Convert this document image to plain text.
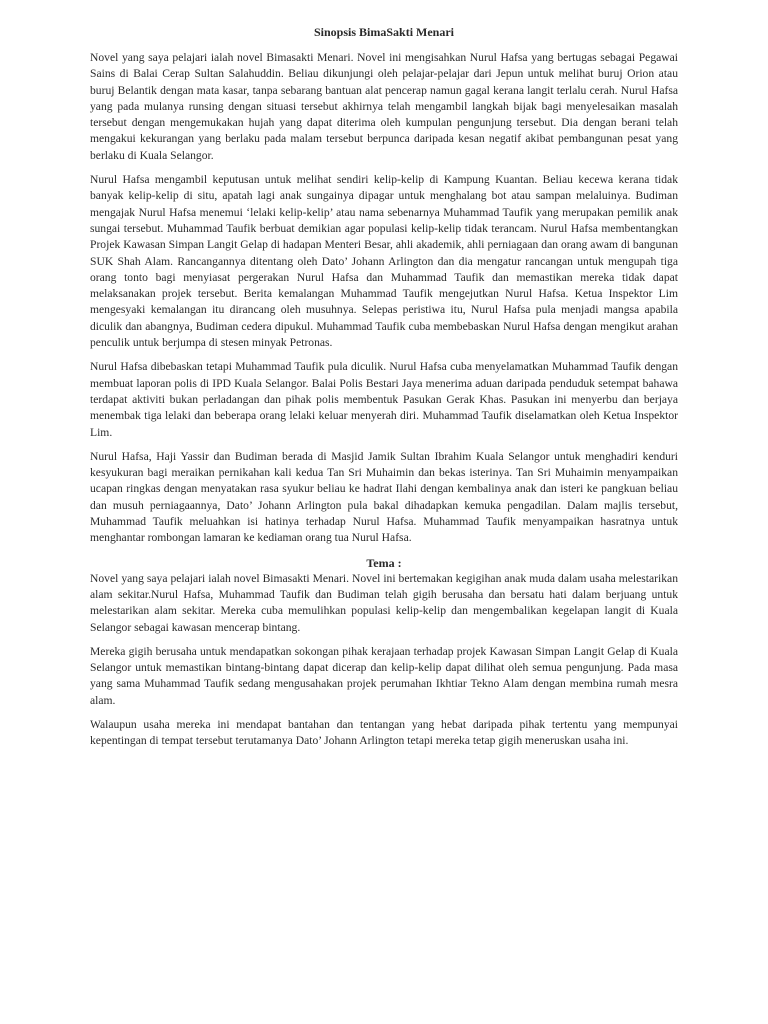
Sinopsis BimaSakti Menari

Novel yang saya pelajari ialah novel Bimasakti Menari. Novel ini mengisahkan Nurul Hafsa yang bertugas sebagai Pegawai Sains di Balai Cerap Sultan Salahuddin. Beliau dikunjungi oleh pelajar-pelajar dari Jepun untuk melihat buruj Orion atau buruj Belantik dengan mata kasar, tanpa sebarang bantuan alat pencerap namun gagal kerana langit terlalu cerah. Nurul Hafsa yang pada mulanya runsing dengan situasi tersebut akhirnya telah mengambil langkah bijak bagi menyelesaikan masalah tersebut dengan mengemukakan hujah yang dapat diterima oleh kumpulan pengunjung tersebut. Dia dengan berani telah mengakui kekurangan yang berlaku pada malam tersebut berpunca daripada kesan negatif akibat pembangunan pesat yang berlaku di Kuala Selangor.

Nurul Hafsa mengambil keputusan untuk melihat sendiri kelip-kelip di Kampung Kuantan. Beliau kecewa kerana tidak banyak kelip-kelip di situ, apatah lagi anak sungainya dipagar untuk menghalang bot atau sampan melaluinya. Budiman mengajak Nurul Hafsa menemui ‘lelaki kelip-kelip’ atau nama sebenarnya Muhammad Taufik yang merupakan pemilik anak sungai tersebut. Muhammad Taufik berbuat demikian agar populasi kelip-kelip tidak terancam. Nurul Hafsa membentangkan Projek Kawasan Simpan Langit Gelap di hadapan Menteri Besar, ahli akademik, ahli perniagaan dan orang awam di bangunan SUK Shah Alam. Rancangannya ditentang oleh Dato’ Johann Arlington dan dia mengatur rancangan untuk mengupah tiga orang tonto bagi menyiasat pergerakan Nurul Hafsa dan Muhammad Taufik dan memastikan mereka tidak dapat melaksanakan projek tersebut. Berita kemalangan Muhammad Taufik mengejutkan Nurul Hafsa. Ketua Inspektor Lim mengesyaki kemalangan itu dirancang oleh musuhnya. Selepas peristiwa itu, Nurul Hafsa pula menjadi mangsa apabila diculik dan abangnya, Budiman cedera dipukul. Muhammad Taufik cuba membebaskan Nurul Hafsa dengan mengikut arahan penculik untuk berjumpa di stesen minyak Petronas.

Nurul Hafsa dibebaskan tetapi Muhammad Taufik pula diculik. Nurul Hafsa cuba menyelamatkan Muhammad Taufik dengan membuat laporan polis di IPD Kuala Selangor. Balai Polis Bestari Jaya menerima aduan daripada penduduk setempat bahawa terdapat aktiviti bukan perladangan dan pihak polis membentuk Pasukan Gerak Khas. Pasukan ini menyerbu dan berjaya menembak tiga lelaki dan beberapa orang lelaki keluar menyerah diri. Muhammad Taufik diselamatkan oleh Ketua Inspektor Lim.

Nurul Hafsa, Haji Yassir dan Budiman berada di Masjid Jamik Sultan Ibrahim Kuala Selangor untuk menghadiri kenduri kesyukuran bagi meraikan pernikahan kali kedua Tan Sri Muhaimin dan bekas isterinya. Tan Sri Muhaimin menyampaikan ucapan ringkas dengan menyatakan rasa syukur beliau ke hadrat Ilahi dengan kembalinya anak dan isteri ke pangkuan beliau dan musuh perniagaannya, Dato’ Johann Arlington pula bakal dihadapkan kemuka pengadilan. Dalam majlis tersebut, Muhammad Taufik meluahkan isi hatinya terhadap Nurul Hafsa. Muhammad Taufik menyampaikan hasratnya untuk menghantar rombongan lamaran ke kediaman orang tua Nurul Hafsa.

Tema :

Novel yang saya pelajari ialah novel Bimasakti Menari. Novel ini bertemakan kegigihan anak muda dalam usaha melestarikan alam sekitar.Nurul Hafsa, Muhammad Taufik dan Budiman telah gigih berusaha dan bersatu hati dalam berjuang untuk melestarikan alam sekitar. Mereka cuba memulihkan populasi kelip-kelip dan mengembalikan kegelapan langit di Kuala Selangor sebagai kawasan mencerap bintang.

Mereka gigih berusaha untuk mendapatkan sokongan pihak kerajaan terhadap projek Kawasan Simpan Langit Gelap di Kuala Selangor untuk memastikan bintang-bintang dapat dicerap dan kelip-kelip dapat dilihat oleh semua pengunjung. Pada masa yang sama Muhammad Taufik sedang mengusahakan projek perumahan Ikhtiar Tekno Alam dengan membina rumah mesra alam.

Walaupun usaha mereka ini mendapat bantahan dan tentangan yang hebat daripada pihak tertentu yang mempunyai kepentingan di tempat tersebut terutamanya Dato’ Johann Arlington tetapi mereka tetap gigih meneruskan usaha ini.
